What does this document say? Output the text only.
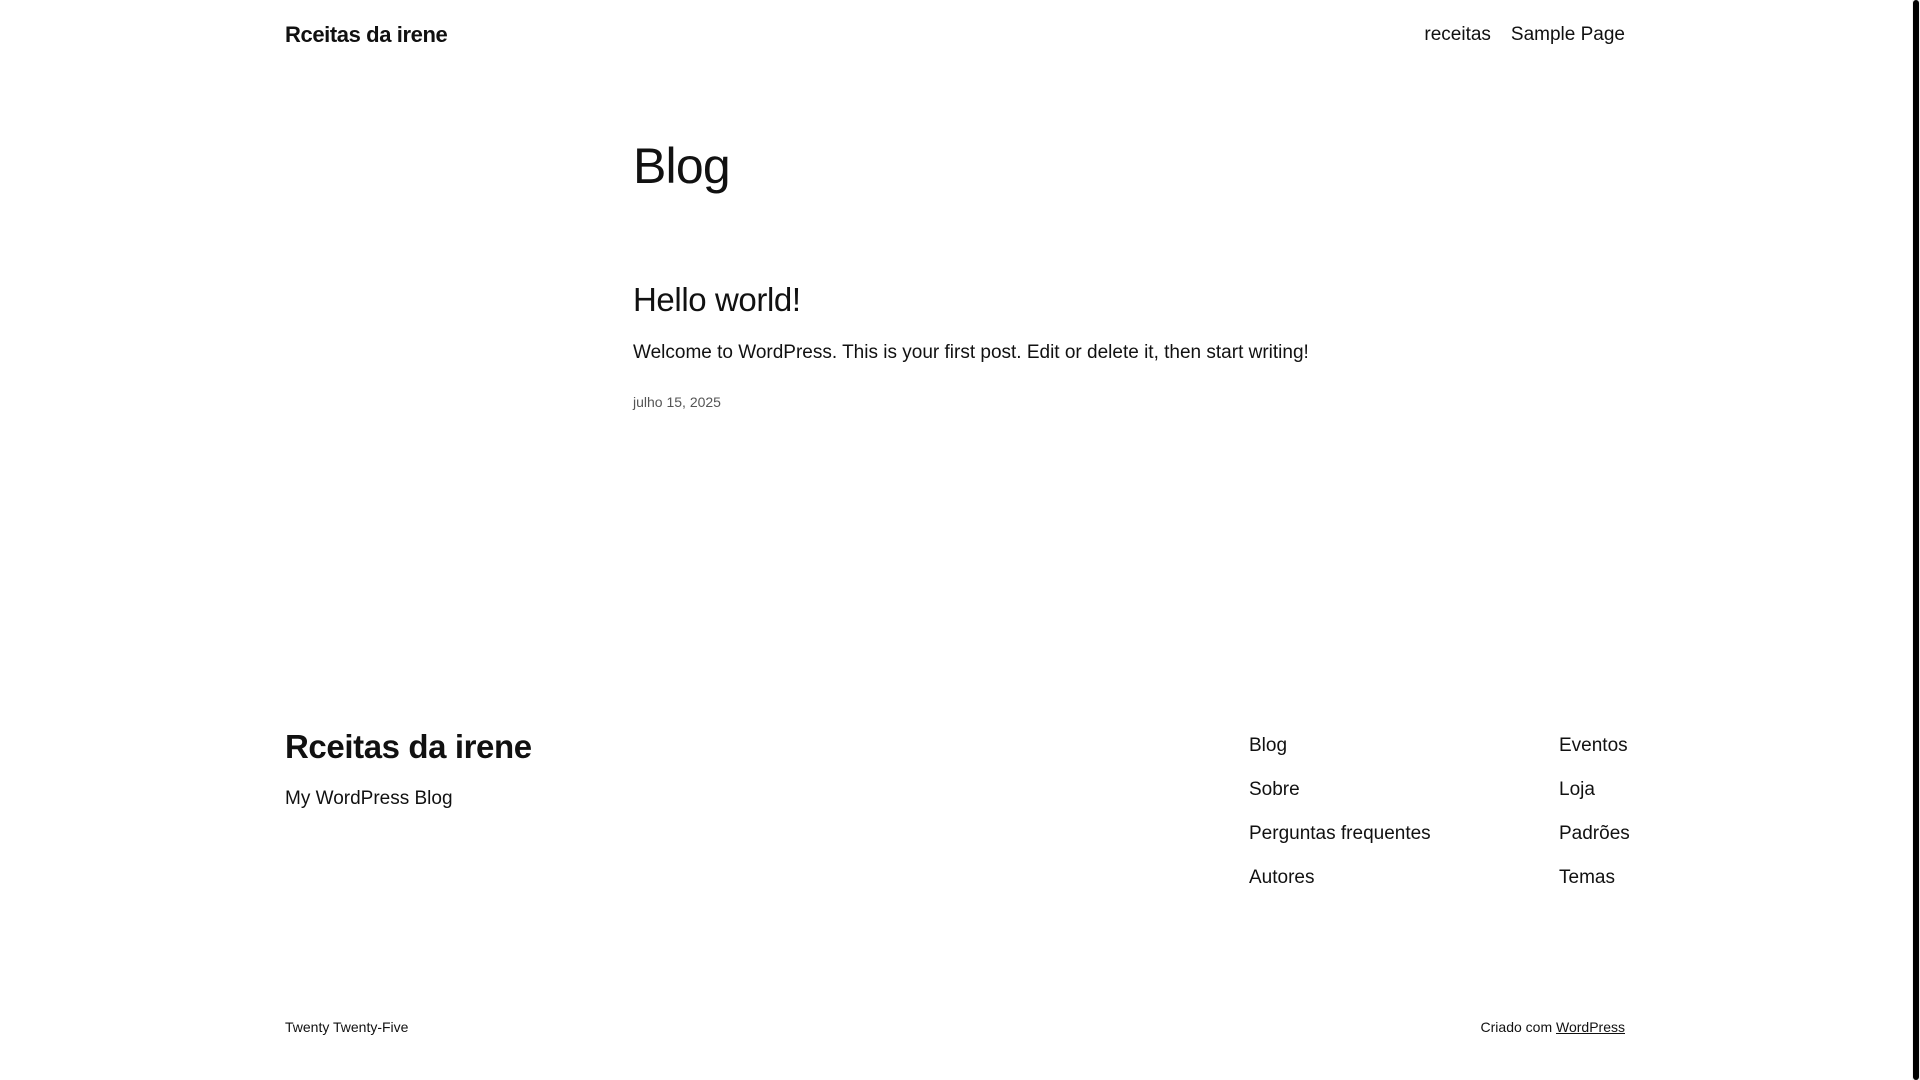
Rceitas da irene	receitas Sample Page
Blog
Hello world!

Welcome to WordPress. This is your first post. Edit or delete it, then start writing!

julho 15, 2025
Rceitas da irene
My WordPress Blog
Blog
Sobre
Perguntas frequentes
Autores
Eventos
Loja
Padrões
Temas
Twenty Twenty-Five	Criado com WordPress
